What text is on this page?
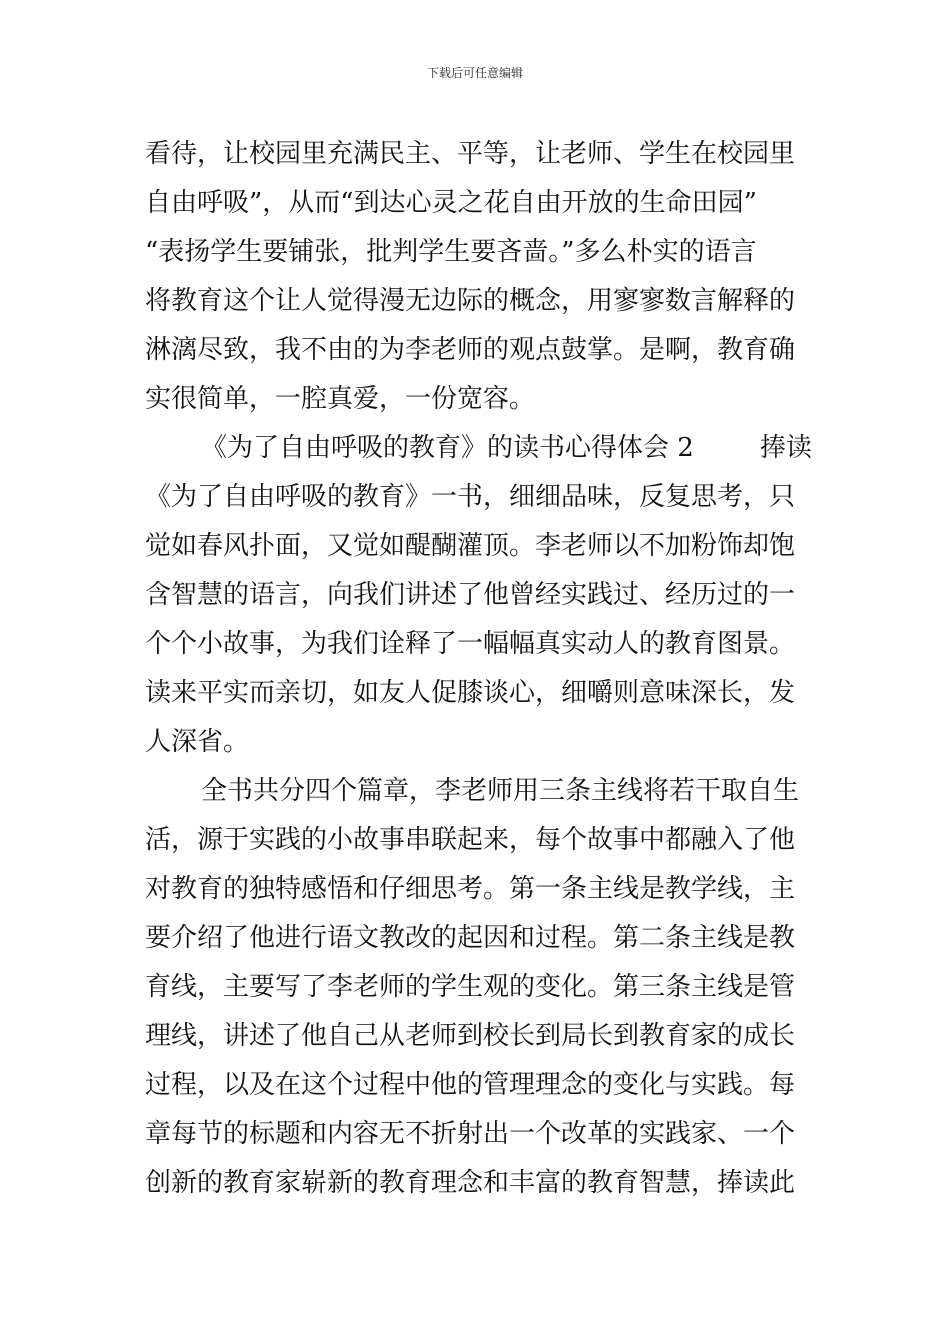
下载后可任意编辑
看待，让校园里充满民主、平等，让老师、学生在校园里
自由呼吸”，从而“到达心灵之花自由开放的生命田园”
“表扬学生要铺张，批判学生要吝啬。”多么朴实的语言
将教育这个让人觉得漫无边际的概念，用寥寥数言解释的
淋漓尽致，我不由的为李老师的观点鼓掌。是啊，教育确
实很简单，一腔真爱，一份宽容。
《为了自由呼吸的教育》的读书心得体会 2        捧读
《为了自由呼吸的教育》一书，细细品味，反复思考，只
觉如春风扑面，又觉如醍醐灌顶。李老师以不加粉饰却饱
含智慧的语言，向我们讲述了他曾经实践过、经历过的一
个个小故事，为我们诠释了一幅幅真实动人的教育图景。
读来平实而亲切，如友人促膝谈心，细嚼则意味深长，发
人深省。
全书共分四个篇章，李老师用三条主线将若干取自生
活，源于实践的小故事串联起来，每个故事中都融入了他
对教育的独特感悟和仔细思考。第一条主线是教学线，主
要介绍了他进行语文教改的起因和过程。第二条主线是教
育线，主要写了李老师的学生观的变化。第三条主线是管
理线，讲述了他自己从老师到校长到局长到教育家的成长
过程，以及在这个过程中他的管理理念的变化与实践。每
章每节的标题和内容无不折射出一个改革的实践家、一个
创新的教育家崭新的教育理念和丰富的教育智慧，捧读此
